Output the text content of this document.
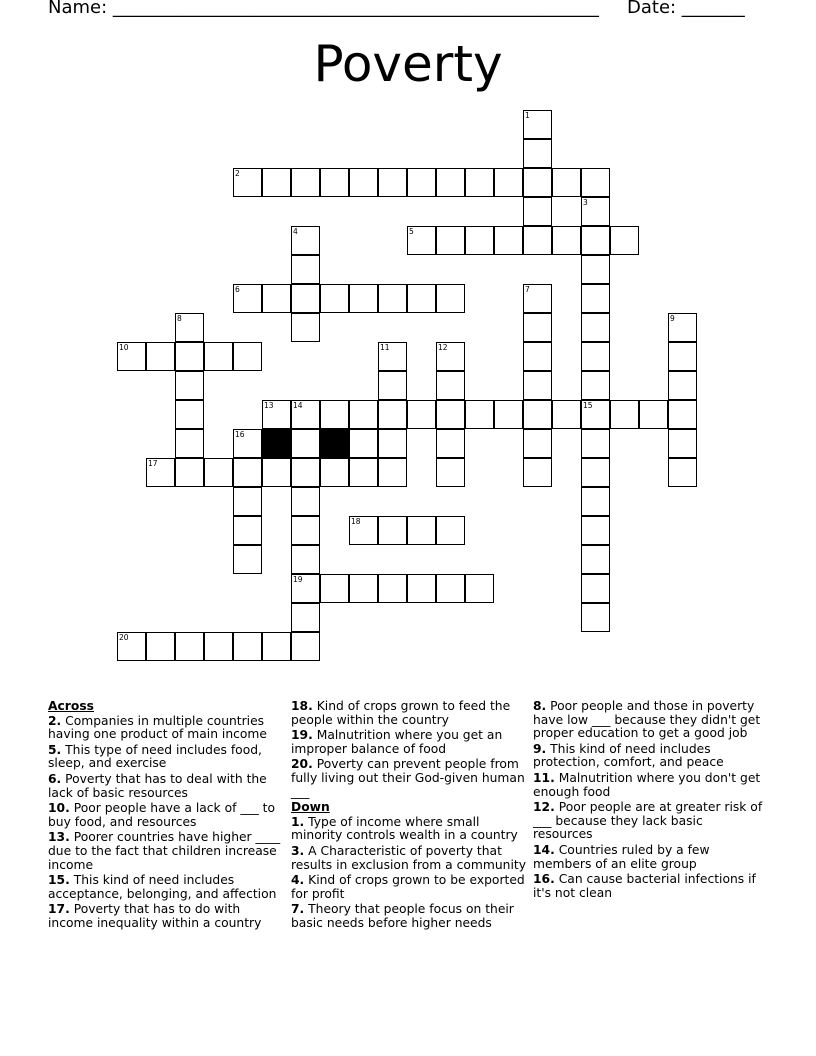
Name: ______________________________________________________ Date: _______
Poverty
1
2
3
4	5
6	7
8	9
10	11	12
13	14	15
16
17
18
19
20
Across
2. Companies in multiple countries having one product of main income
5. This type of need includes food, sleep, and exercise
6. Poverty that has to deal with the lack of basic resources
10. Poor people have a lack of ___ to buy food, and resources
13. Poorer countries have higher ____ due to the fact that children increase income
15. This kind of need includes acceptance, belonging, and affection
17. Poverty that has to do with income inequality within a country
18. Kind of crops grown to feed the people within the country
19. Malnutrition where you get an improper balance of food
20. Poverty can prevent people from fully living out their God-given human ___
Down
1. Type of income where small minority controls wealth in a country
3. A Characteristic of poverty that results in exclusion from a community
4. Kind of crops grown to be exported for profit
7. Theory that people focus on their basic needs before higher needs
8. Poor people and those in poverty have low ___ because they didn't get proper education to get a good job
9. This kind of need includes protection, comfort, and peace
11. Malnutrition where you don't get enough food
12. Poor people are at greater risk of ___ because they lack basic resources
14. Countries ruled by a few members of an elite group
16. Can cause bacterial infections if it's not clean
